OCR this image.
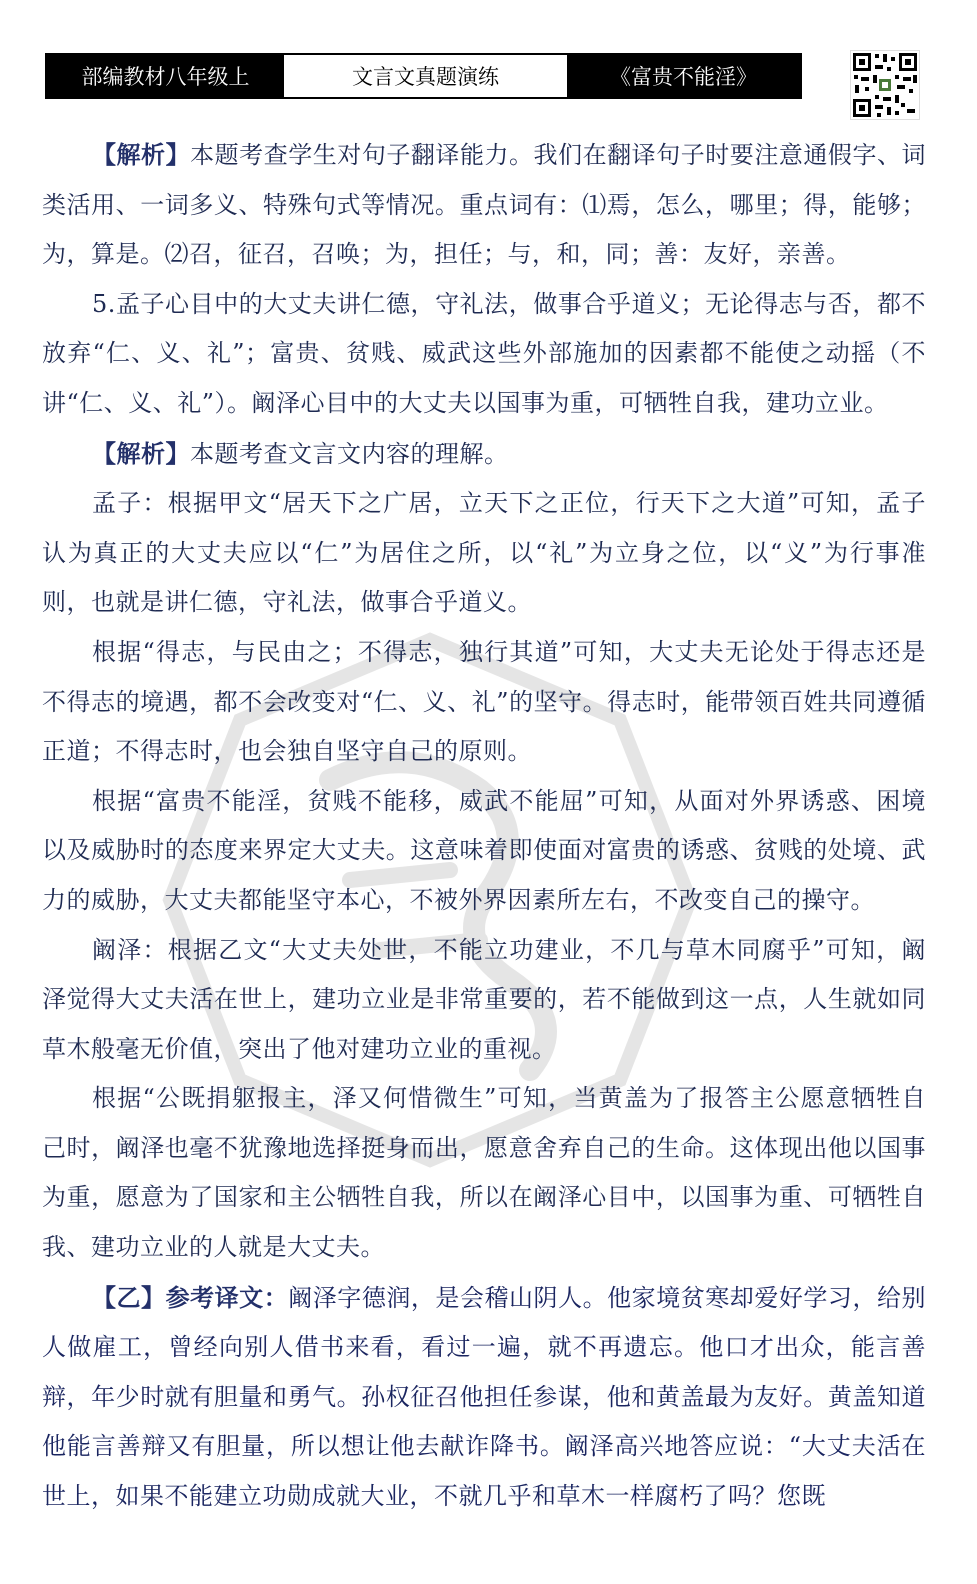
部编教材八年级上	文言文真题演练	《富贵不能淫》

【解析】本题考查学生对句子翻译能力。我们在翻译句子时要注意通假字、词类活用、一词多义、特殊句式等情况。重点词有：⑴焉，怎么，哪里；得，能够；为，算是。⑵召，征召，召唤；为，担任；与，和，同；善：友好，亲善。

5.孟子心目中的大丈夫讲仁德，守礼法，做事合乎道义；无论得志与否，都不放弃“仁、义、礼”；富贵、贫贱、威武这些外部施加的因素都不能使之动摇（不讲“仁、义、礼”）。阚泽心目中的大丈夫以国事为重，可牺牲自我，建功立业。

【解析】本题考查文言文内容的理解。

孟子：根据甲文“居天下之广居，立天下之正位，行天下之大道”可知，孟子认为真正的大丈夫应以“仁”为居住之所，以“礼”为立身之位，以“义”为行事准则，也就是讲仁德，守礼法，做事合乎道义。

根据“得志，与民由之；不得志，独行其道”可知，大丈夫无论处于得志还是不得志的境遇，都不会改变对“仁、义、礼”的坚守。得志时，能带领百姓共同遵循正道；不得志时，也会独自坚守自己的原则。

根据“富贵不能淫，贫贱不能移，威武不能屈”可知，从面对外界诱惑、困境以及威胁时的态度来界定大丈夫。这意味着即使面对富贵的诱惑、贫贱的处境、武力的威胁，大丈夫都能坚守本心，不被外界因素所左右，不改变自己的操守。

阚泽：根据乙文“大丈夫处世，不能立功建业，不几与草木同腐乎”可知，阚泽觉得大丈夫活在世上，建功立业是非常重要的，若不能做到这一点，人生就如同草木般毫无价值，突出了他对建功立业的重视。

根据“公既捐躯报主，泽又何惜微生”可知，当黄盖为了报答主公愿意牺牲自己时，阚泽也毫不犹豫地选择挺身而出，愿意舍弃自己的生命。这体现出他以国事为重，愿意为了国家和主公牺牲自我，所以在阚泽心目中，以国事为重、可牺牲自我、建功立业的人就是大丈夫。

【乙】参考译文：阚泽字德润，是会稽山阴人。他家境贫寒却爱好学习，给别人做雇工，曾经向别人借书来看，看过一遍，就不再遗忘。他口才出众，能言善辩，年少时就有胆量和勇气。孙权征召他担任参谋，他和黄盖最为友好。黄盖知道他能言善辩又有胆量，所以想让他去献诈降书。阚泽高兴地答应说：“大丈夫活在世上，如果不能建立功勋成就大业，不就几乎和草木一样腐朽了吗？您既
